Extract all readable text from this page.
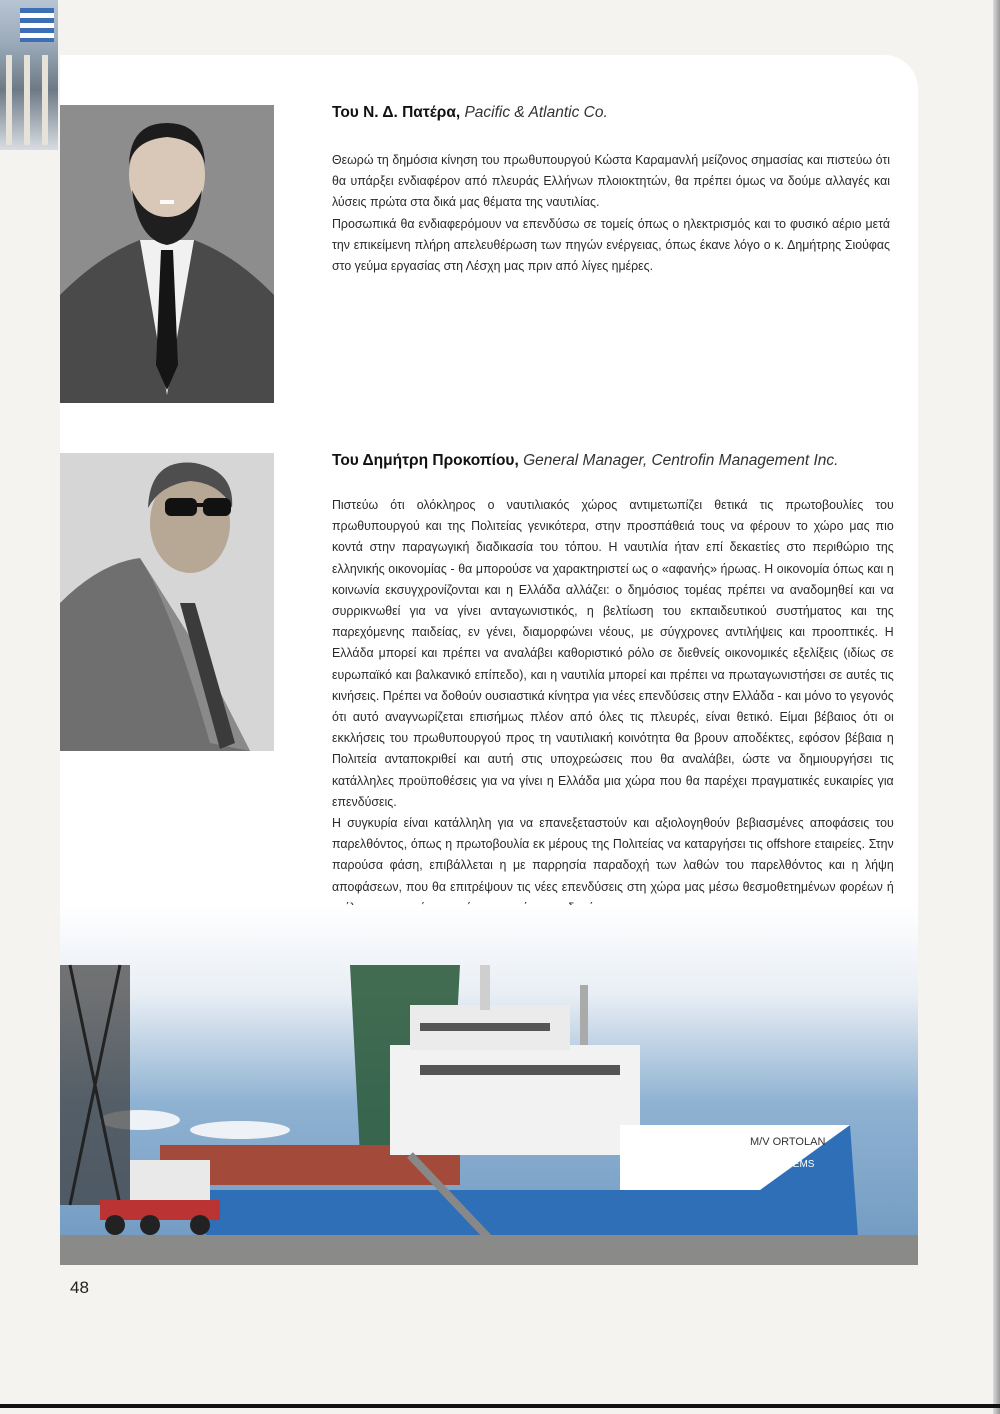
Του Ν. Δ. Πατέρα, Pacific & Atlantic Co.

Θεωρώ τη δημόσια κίνηση του πρωθυπουργού Κώστα Καραμανλή μείζονος σημασίας και πιστεύω ότι θα υπάρξει ενδιαφέρον από πλευράς Ελλήνων πλοιοκτητών, θα πρέπει όμως να δούμε αλλαγές και λύσεις πρώτα στα δικά μας θέματα της ναυτιλίας.

Προσωπικά θα ενδιαφερόμουν να επενδύσω σε τομείς όπως ο ηλεκτρισμός και το φυσικό αέριο μετά την επικείμενη πλήρη απελευθέρωση των πηγών ενέργειας, όπως έκανε λόγο ο κ. Δημήτρης Σιούφας στο γεύμα εργασίας στη Λέσχη μας πριν από λίγες ημέρες.

Του Δημήτρη Προκοπίου, General Manager, Centrofin Management Inc.

Πιστεύω ότι ολόκληρος ο ναυτιλιακός χώρος αντιμετωπίζει θετικά τις πρωτοβουλίες του πρωθυπουργού και της Πολιτείας γενικότερα, στην προσπάθειά τους να φέρουν το χώρο μας πιο κοντά στην παραγωγική διαδικασία του τόπου. Η ναυτιλία ήταν επί δεκαετίες στο περιθώριο της ελληνικής οικονομίας - θα μπορούσε να χαρακτηριστεί ως ο «αφανής» ήρωας. Η οικονομία όπως και η κοινωνία εκσυγχρονίζονται και η Ελλάδα αλλάζει: ο δημόσιος τομέας πρέπει να αναδομηθεί και να συρρικνωθεί για να γίνει ανταγωνιστικός, η βελτίωση του εκπαιδευτικού συστήματος και της παρεχόμενης παιδείας, εν γένει, διαμορφώνει νέους, με σύγχρονες αντιλήψεις και προοπτικές. Η Ελλάδα μπορεί και πρέπει να αναλάβει καθοριστικό ρόλο σε διεθνείς οικονομικές εξελίξεις (ιδίως σε ευρωπαϊκό και βαλκανικό επίπεδο), και η ναυτιλία μπορεί και πρέπει να πρωταγωνιστήσει σε αυτές τις κινήσεις. Πρέπει να δοθούν ουσιαστικά κίνητρα για νέες επενδύσεις στην Ελλάδα - και μόνο το γεγονός ότι αυτό αναγνωρίζεται επισήμως πλέον από όλες τις πλευρές, είναι θετικό. Είμαι βέβαιος ότι οι εκκλήσεις του πρωθυπουργού προς τη ναυτιλιακή κοινότητα θα βρουν αποδέκτες, εφόσον βέβαια η Πολιτεία ανταποκριθεί και αυτή στις υποχρεώσεις που θα αναλάβει, ώστε να δημιουργήσει τις κατάλληλες προϋποθέσεις για να γίνει η Ελλάδα μια χώρα που θα παρέχει πραγματικές ευκαιρίες για επενδύσεις.

Η συγκυρία είναι κατάλληλη για να επανεξεταστούν και αξιολογηθούν βεβιασμένες αποφάσεις του παρελθόντος, όπως η πρωτοβουλία εκ μέρους της Πολιτείας να καταργήσει τις offshore εταιρείες. Στην παρούσα φάση, επιβάλλεται η με παρρησία παραδοχή των λαθών του παρελθόντος και η λήψη αποφάσεων, που θα επιτρέψουν τις νέες επενδύσεις στη χώρα μας μέσω θεσμοθετημένων φορέων ή

Μ/V ORTOLAN
HAREN EMS
48
